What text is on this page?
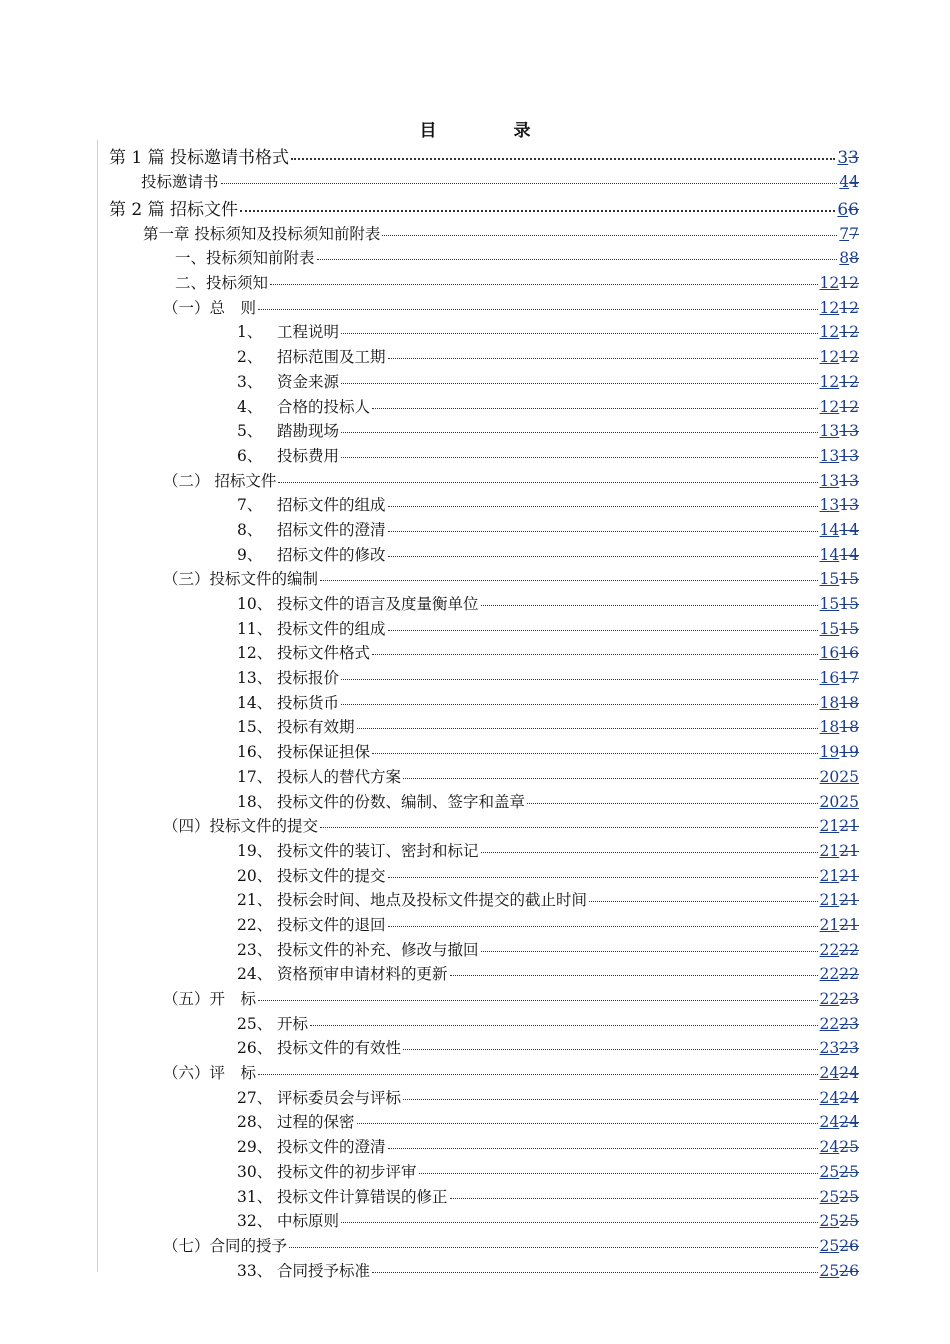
目　录
第 1 篇 投标邀请书格式	33
投标邀请书	44
第 2 篇 招标文件	66
第一章 投标须知及投标须知前附表	77
一、投标须知前附表	88
二、投标须知	1212
（一）总　则	1212
1、 工程说明	1212
2、 招标范围及工期	1212
3、 资金来源	1212
4、 合格的投标人	1212
5、 踏勘现场	1313
6、 投标费用	1313
（二） 招标文件	1313
7、 招标文件的组成	1313
8、 招标文件的澄清	1414
9、 招标文件的修改	1414
（三）投标文件的编制	1515
10、 投标文件的语言及度量衡单位	1515
11、 投标文件的组成	1515
12、 投标文件格式	1616
13、 投标报价	1617
14、 投标货币	1818
15、 投标有效期	1818
16、 投标保证担保	1919
17、 投标人的替代方案	2025
18、 投标文件的份数、编制、签字和盖章	2025
（四）投标文件的提交	2121
19、 投标文件的装订、密封和标记	2121
20、 投标文件的提交	2121
21、 投标会时间、地点及投标文件提交的截止时间	2121
22、 投标文件的退回	2121
23、 投标文件的补充、修改与撤回	2222
24、 资格预审申请材料的更新	2222
（五）开　标	2223
25、 开标	2223
26、 投标文件的有效性	2323
（六）评　标	2424
27、 评标委员会与评标	2424
28、 过程的保密	2424
29、 投标文件的澄清	2425
30、 投标文件的初步评审	2525
31、 投标文件计算错误的修正	2525
32、 中标原则	2525
（七）合同的授予	2526
33、 合同授予标准	2526
